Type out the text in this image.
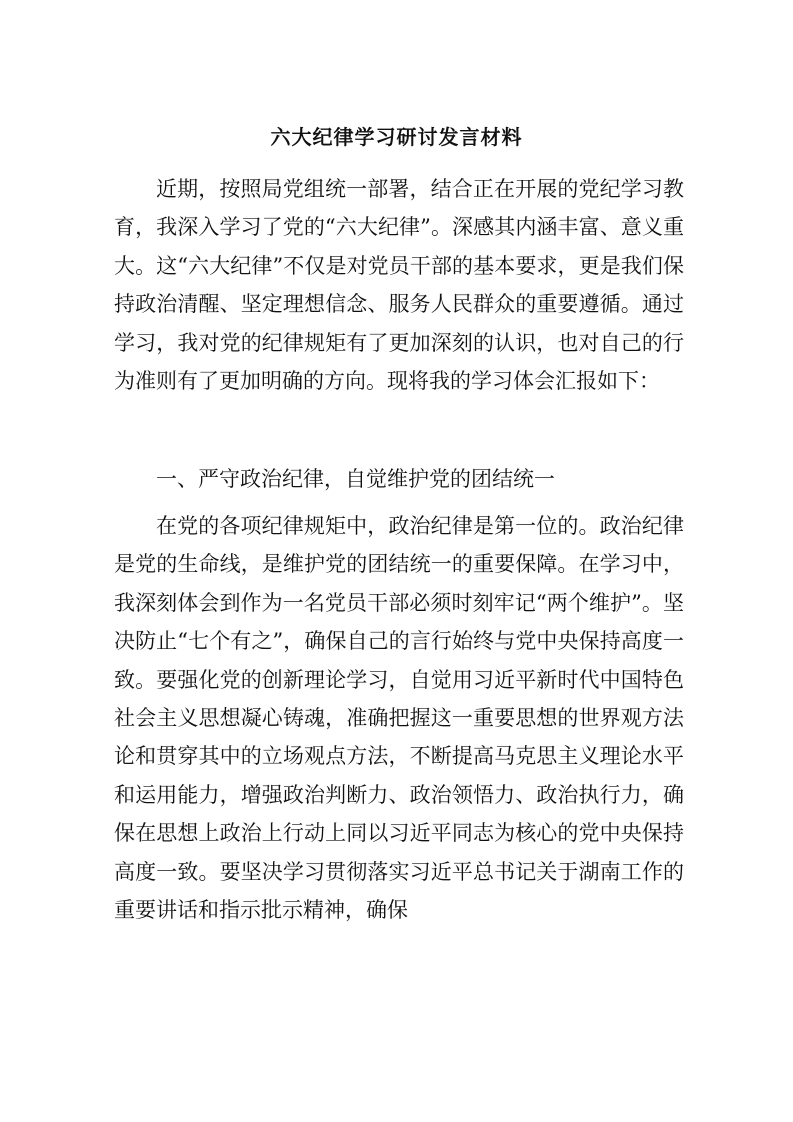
六大纪律学习研讨发言材料

近期，按照局党组统一部署，结合正在开展的党纪学习教育，我深入学习了党的“六大纪律”。深感其内涵丰富、意义重大。这“六大纪律”不仅是对党员干部的基本要求，更是我们保持政治清醒、坚定理想信念、服务人民群众的重要遵循。通过学习，我对党的纪律规矩有了更加深刻的认识，也对自己的行为准则有了更加明确的方向。现将我的学习体会汇报如下：

一、严守政治纪律，自觉维护党的团结统一

在党的各项纪律规矩中，政治纪律是第一位的。政治纪律是党的生命线，是维护党的团结统一的重要保障。在学习中，我深刻体会到作为一名党员干部必须时刻牢记“两个维护”。坚决防止“七个有之”，确保自己的言行始终与党中央保持高度一致。要强化党的创新理论学习，自觉用习近平新时代中国特色社会主义思想凝心铸魂，准确把握这一重要思想的世界观方法论和贯穿其中的立场观点方法，不断提高马克思主义理论水平和运用能力，增强政治判断力、政治领悟力、政治执行力，确保在思想上政治上行动上同以习近平同志为核心的党中央保持高度一致。要坚决学习贯彻落实习近平总书记关于湖南工作的重要讲话和指示批示精神，确保
